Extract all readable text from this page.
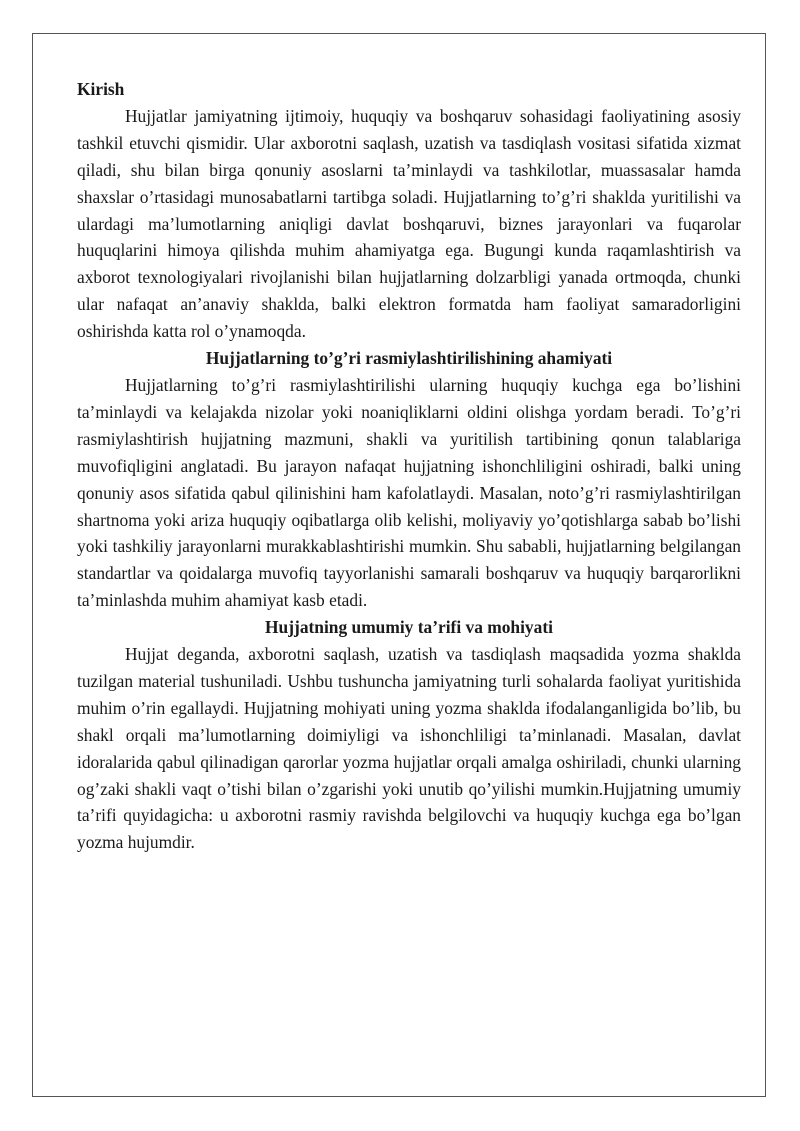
Kirish

Hujjatlar jamiyatning ijtimoiy, huquqiy va boshqaruv sohasidagi faoliyatining asosiy tashkil etuvchi qismidir. Ular axborotni saqlash, uzatish va tasdiqlash vositasi sifatida xizmat qiladi, shu bilan birga qonuniy asoslarni ta’minlaydi va tashkilotlar, muassasalar hamda shaxslar o’rtasidagi munosabatlarni tartibga soladi. Hujjatlarning to’g’ri shaklda yuritilishi va ulardagi ma’lumotlarning aniqligi davlat boshqaruvi, biznes jarayonlari va fuqarolar huquqlarini himoya qilishda muhim ahamiyatga ega. Bugungi kunda raqamlashtirish va axborot texnologiyalari rivojlanishi bilan hujjatlarning dolzarbligi yanada ortmoqda, chunki ular nafaqat an’anaviy shaklda, balki elektron formatda ham faoliyat samaradorligini oshirishda katta rol o’ynamoqda.

Hujjatlarning to’g’ri rasmiylashtirilishining ahamiyati

Hujjatlarning to’g’ri rasmiylashtirilishi ularning huquqiy kuchga ega bo’lishini ta’minlaydi va kelajakda nizolar yoki noaniqliklarni oldini olishga yordam beradi. To’g’ri rasmiylashtirish hujjatning mazmuni, shakli va yuritilish tartibining qonun talablariga muvofiqligini anglatadi. Bu jarayon nafaqat hujjatning ishonchliligini oshiradi, balki uning qonuniy asos sifatida qabul qilinishini ham kafolatlaydi. Masalan, noto’g’ri rasmiylashtirilgan shartnoma yoki ariza huquqiy oqibatlarga olib kelishi, moliyaviy yo’qotishlarga sabab bo’lishi yoki tashkiliy jarayonlarni murakkablashtirishi mumkin. Shu sababli, hujjatlarning belgilangan standartlar va qoidalarga muvofiq tayyorlanishi samarali boshqaruv va huquqiy barqarorlikni ta’minlashda muhim ahamiyat kasb etadi.

Hujjatning umumiy ta’rifi va mohiyati

Hujjat deganda, axborotni saqlash, uzatish va tasdiqlash maqsadida yozma shaklda tuzilgan material tushuniladi. Ushbu tushuncha jamiyatning turli sohalarda faoliyat yuritishida muhim o’rin egallaydi. Hujjatning mohiyati uning yozma shaklda ifodalanganligida bo’lib, bu shakl orqali ma’lumotlarning doimiyligi va ishonchliligi ta’minlanadi. Masalan, davlat idoralarida qabul qilinadigan qarorlar yozma hujjatlar orqali amalga oshiriladi, chunki ularning og’zaki shakli vaqt o’tishi bilan o’zgarishi yoki unutib qo’yilishi mumkin.Hujjatning umumiy ta’rifi quyidagicha: u axborotni rasmiy ravishda belgilovchi va huquqiy kuchga ega bo’lgan yozma hujumdir.
